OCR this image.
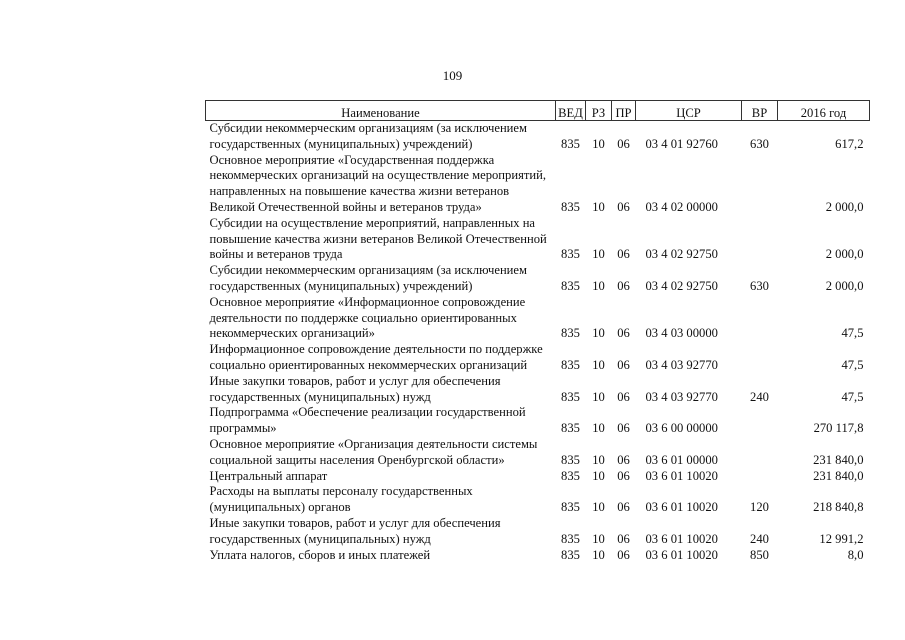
109
Наименование	ВЕД	РЗ	ПР	ЦСР	ВР	2016 год
Субсидии некоммерческим организациям (за исключением
государственных (муниципальных) учреждений)	835	10	06	03 4 01 92760	630	617,2
Основное мероприятие «Государственная поддержка
некоммерческих организаций на осуществление мероприятий,
направленных на повышение качества жизни ветеранов
Великой Отечественной войны и ветеранов труда»	835	10	06	03 4 02 00000		2 000,0
Субсидии на осуществление мероприятий, направленных на
повышение качества жизни ветеранов Великой Отечественной
войны и ветеранов труда	835	10	06	03 4 02 92750		2 000,0
Субсидии некоммерческим организациям (за исключением
государственных (муниципальных) учреждений)	835	10	06	03 4 02 92750	630	2 000,0
Основное мероприятие «Информационное сопровождение
деятельности по поддержке социально ориентированных
некоммерческих организаций»	835	10	06	03 4 03 00000		47,5
Информационное сопровождение деятельности по поддержке
социально ориентированных некоммерческих организаций	835	10	06	03 4 03 92770		47,5
Иные закупки товаров, работ и услуг для обеспечения
государственных (муниципальных) нужд	835	10	06	03 4 03 92770	240	47,5
Подпрограмма «Обеспечение реализации государственной
программы»	835	10	06	03 6 00 00000		270 117,8
Основное мероприятие «Организация деятельности системы
социальной защиты населения Оренбургской области»	835	10	06	03 6 01 00000		231 840,0
Центральный аппарат	835	10	06	03 6 01 10020		231 840,0
Расходы на выплаты персоналу государственных
(муниципальных) органов	835	10	06	03 6 01 10020	120	218 840,8
Иные закупки товаров, работ и услуг для обеспечения
государственных (муниципальных) нужд	835	10	06	03 6 01 10020	240	12 991,2
Уплата налогов, сборов и иных платежей	835	10	06	03 6 01 10020	850	8,0
